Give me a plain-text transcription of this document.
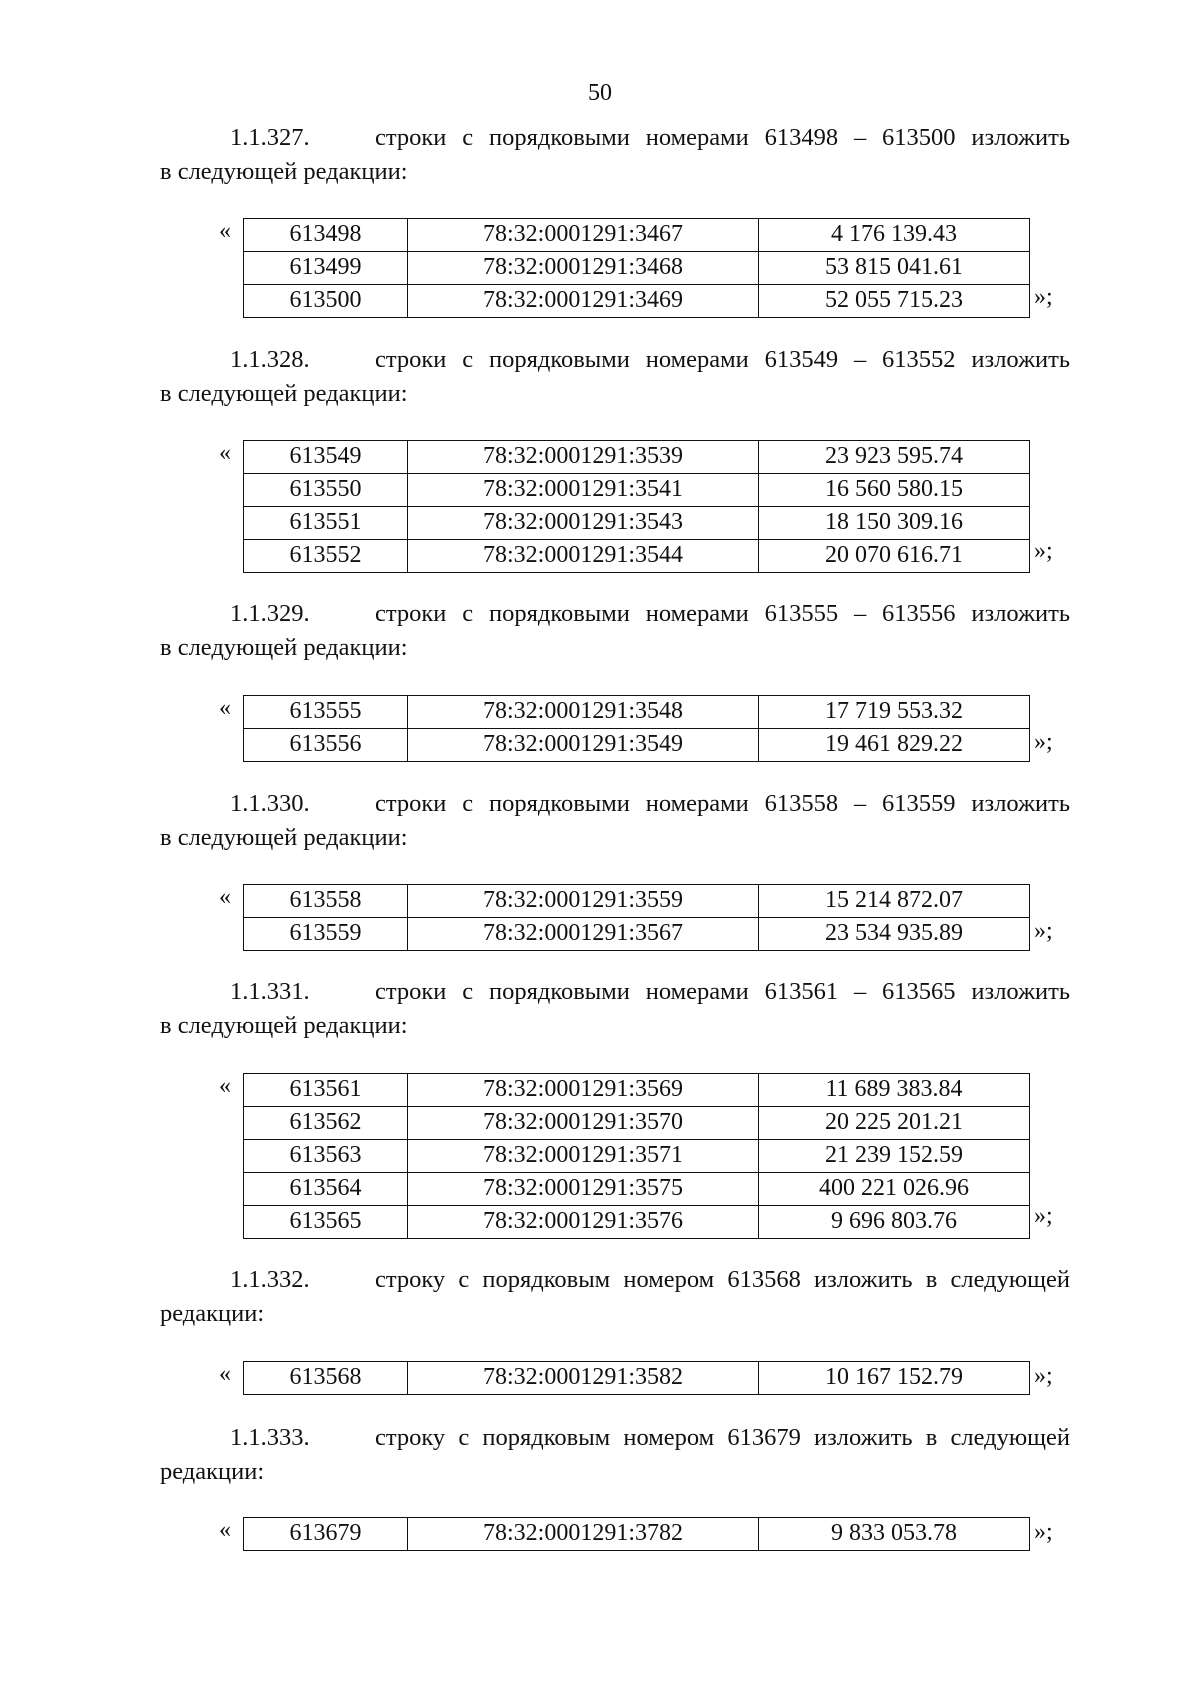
50
1.1.327.	строки с порядковыми номерами 613498 – 613500 изложить
в следующей редакции:
« 613498	78:32:0001291:3467	4 176 139.43
613499	78:32:0001291:3468	53 815 041.61
613500	78:32:0001291:3469	52 055 715.23	»;
1.1.328.	строки с порядковыми номерами 613549 – 613552 изложить
в следующей редакции:
« 613549	78:32:0001291:3539	23 923 595.74
613550	78:32:0001291:3541	16 560 580.15
613551	78:32:0001291:3543	18 150 309.16
613552	78:32:0001291:3544	20 070 616.71	»;
1.1.329.	строки с порядковыми номерами 613555 – 613556 изложить
в следующей редакции:
« 613555	78:32:0001291:3548	17 719 553.32
613556	78:32:0001291:3549	19 461 829.22	»;
1.1.330.	строки с порядковыми номерами 613558 – 613559 изложить
в следующей редакции:
« 613558	78:32:0001291:3559	15 214 872.07
613559	78:32:0001291:3567	23 534 935.89	»;
1.1.331.	строки с порядковыми номерами 613561 – 613565 изложить
в следующей редакции:
« 613561	78:32:0001291:3569	11 689 383.84
613562	78:32:0001291:3570	20 225 201.21
613563	78:32:0001291:3571	21 239 152.59
613564	78:32:0001291:3575	400 221 026.96
613565	78:32:0001291:3576	9 696 803.76	»;
1.1.332.	строку с порядковым номером 613568 изложить в следующей
редакции:
« 613568	78:32:0001291:3582	10 167 152.79	»;
1.1.333.	строку с порядковым номером 613679 изложить в следующей
редакции:
« 613679	78:32:0001291:3782	9 833 053.78	»;
